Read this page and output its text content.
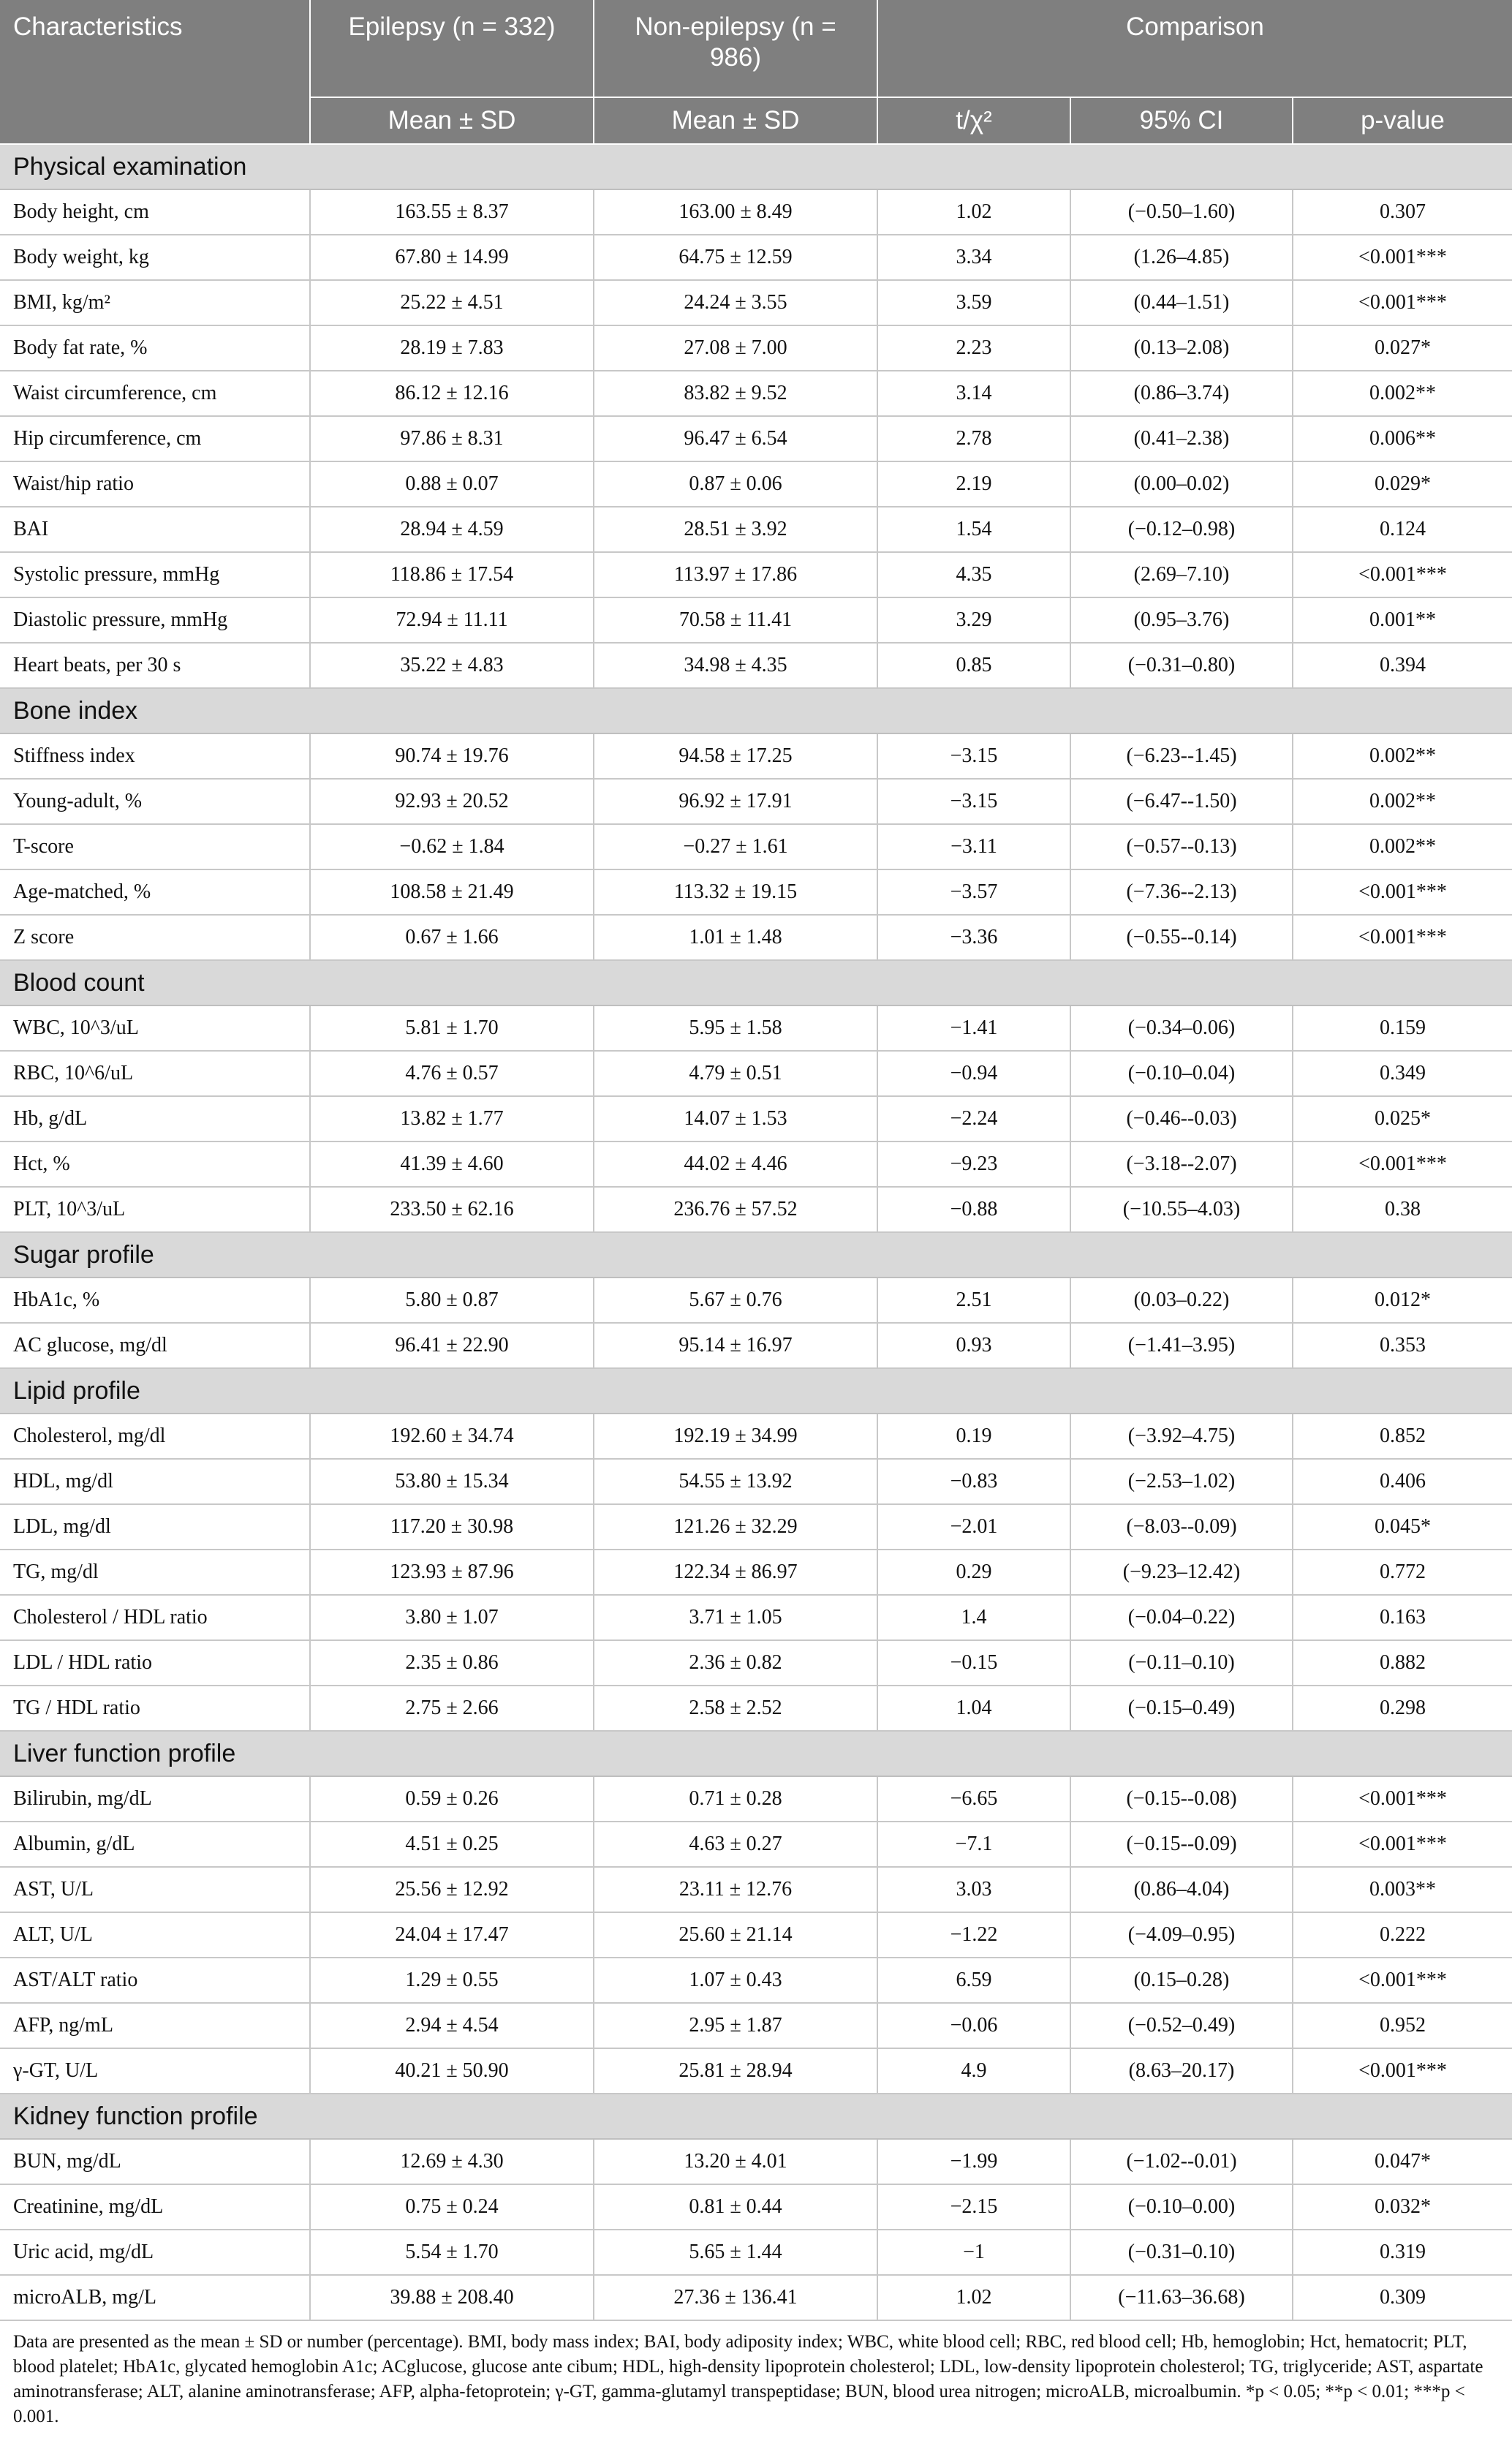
Characteristics	Epilepsy (n = 332)	Non-epilepsy (n = 986)	Comparison		
	Mean ± SD	Mean ± SD	t/χ²	95% CI	p-value
Physical examination					
Body height, cm	163.55 ± 8.37	163.00 ± 8.49	1.02	(−0.50–1.60)	0.307
Body weight, kg	67.80 ± 14.99	64.75 ± 12.59	3.34	(1.26–4.85)	<0.001***
BMI, kg/m²	25.22 ± 4.51	24.24 ± 3.55	3.59	(0.44–1.51)	<0.001***
Body fat rate, %	28.19 ± 7.83	27.08 ± 7.00	2.23	(0.13–2.08)	0.027*
Waist circumference, cm	86.12 ± 12.16	83.82 ± 9.52	3.14	(0.86–3.74)	0.002**
Hip circumference, cm	97.86 ± 8.31	96.47 ± 6.54	2.78	(0.41–2.38)	0.006**
Waist/hip ratio	0.88 ± 0.07	0.87 ± 0.06	2.19	(0.00–0.02)	0.029*
BAI	28.94 ± 4.59	28.51 ± 3.92	1.54	(−0.12–0.98)	0.124
Systolic pressure, mmHg	118.86 ± 17.54	113.97 ± 17.86	4.35	(2.69–7.10)	<0.001***
Diastolic pressure, mmHg	72.94 ± 11.11	70.58 ± 11.41	3.29	(0.95–3.76)	0.001**
Heart beats, per 30 s	35.22 ± 4.83	34.98 ± 4.35	0.85	(−0.31–0.80)	0.394
Bone index					
Stiffness index	90.74 ± 19.76	94.58 ± 17.25	−3.15	(−6.23--1.45)	0.002**
Young-adult, %	92.93 ± 20.52	96.92 ± 17.91	−3.15	(−6.47--1.50)	0.002**
T-score	−0.62 ± 1.84	−0.27 ± 1.61	−3.11	(−0.57--0.13)	0.002**
Age-matched, %	108.58 ± 21.49	113.32 ± 19.15	−3.57	(−7.36--2.13)	<0.001***
Z score	0.67 ± 1.66	1.01 ± 1.48	−3.36	(−0.55--0.14)	<0.001***
Blood count					
WBC, 10^3/uL	5.81 ± 1.70	5.95 ± 1.58	−1.41	(−0.34–0.06)	0.159
RBC, 10^6/uL	4.76 ± 0.57	4.79 ± 0.51	−0.94	(−0.10–0.04)	0.349
Hb, g/dL	13.82 ± 1.77	14.07 ± 1.53	−2.24	(−0.46--0.03)	0.025*
Hct, %	41.39 ± 4.60	44.02 ± 4.46	−9.23	(−3.18--2.07)	<0.001***
PLT, 10^3/uL	233.50 ± 62.16	236.76 ± 57.52	−0.88	(−10.55–4.03)	0.38
Sugar profile					
HbA1c, %	5.80 ± 0.87	5.67 ± 0.76	2.51	(0.03–0.22)	0.012*
AC glucose, mg/dl	96.41 ± 22.90	95.14 ± 16.97	0.93	(−1.41–3.95)	0.353
Lipid profile					
Cholesterol, mg/dl	192.60 ± 34.74	192.19 ± 34.99	0.19	(−3.92–4.75)	0.852
HDL, mg/dl	53.80 ± 15.34	54.55 ± 13.92	−0.83	(−2.53–1.02)	0.406
LDL, mg/dl	117.20 ± 30.98	121.26 ± 32.29	−2.01	(−8.03--0.09)	0.045*
TG, mg/dl	123.93 ± 87.96	122.34 ± 86.97	0.29	(−9.23–12.42)	0.772
Cholesterol / HDL ratio	3.80 ± 1.07	3.71 ± 1.05	1.4	(−0.04–0.22)	0.163
LDL / HDL ratio	2.35 ± 0.86	2.36 ± 0.82	−0.15	(−0.11–0.10)	0.882
TG / HDL ratio	2.75 ± 2.66	2.58 ± 2.52	1.04	(−0.15–0.49)	0.298
Liver function profile					
Bilirubin, mg/dL	0.59 ± 0.26	0.71 ± 0.28	−6.65	(−0.15--0.08)	<0.001***
Albumin, g/dL	4.51 ± 0.25	4.63 ± 0.27	−7.1	(−0.15--0.09)	<0.001***
AST, U/L	25.56 ± 12.92	23.11 ± 12.76	3.03	(0.86–4.04)	0.003**
ALT, U/L	24.04 ± 17.47	25.60 ± 21.14	−1.22	(−4.09–0.95)	0.222
AST/ALT ratio	1.29 ± 0.55	1.07 ± 0.43	6.59	(0.15–0.28)	<0.001***
AFP, ng/mL	2.94 ± 4.54	2.95 ± 1.87	−0.06	(−0.52–0.49)	0.952
γ-GT, U/L	40.21 ± 50.90	25.81 ± 28.94	4.9	(8.63–20.17)	<0.001***
Kidney function profile					
BUN, mg/dL	12.69 ± 4.30	13.20 ± 4.01	−1.99	(−1.02--0.01)	0.047*
Creatinine, mg/dL	0.75 ± 0.24	0.81 ± 0.44	−2.15	(−0.10–0.00)	0.032*
Uric acid, mg/dL	5.54 ± 1.70	5.65 ± 1.44	−1	(−0.31–0.10)	0.319
microALB, mg/L	39.88 ± 208.40	27.36 ± 136.41	1.02	(−11.63–36.68)	0.309
Data are presented as the mean ± SD or number (percentage). BMI, body mass index; BAI, body adiposity index; WBC, white blood cell; RBC, red blood cell; Hb, hemoglobin; Hct, hematocrit; PLT, blood platelet; HbA1c, glycated hemoglobin A1c; ACglucose, glucose ante cibum; HDL, high-density lipoprotein cholesterol; LDL, low-density lipoprotein cholesterol; TG, triglyceride; AST, aspartate aminotransferase; ALT, alanine aminotransferase; AFP, alpha-fetoprotein; γ-GT, gamma-glutamyl transpeptidase; BUN, blood urea nitrogen; microALB, microalbumin. *p < 0.05; **p < 0.01; ***p < 0.001.
